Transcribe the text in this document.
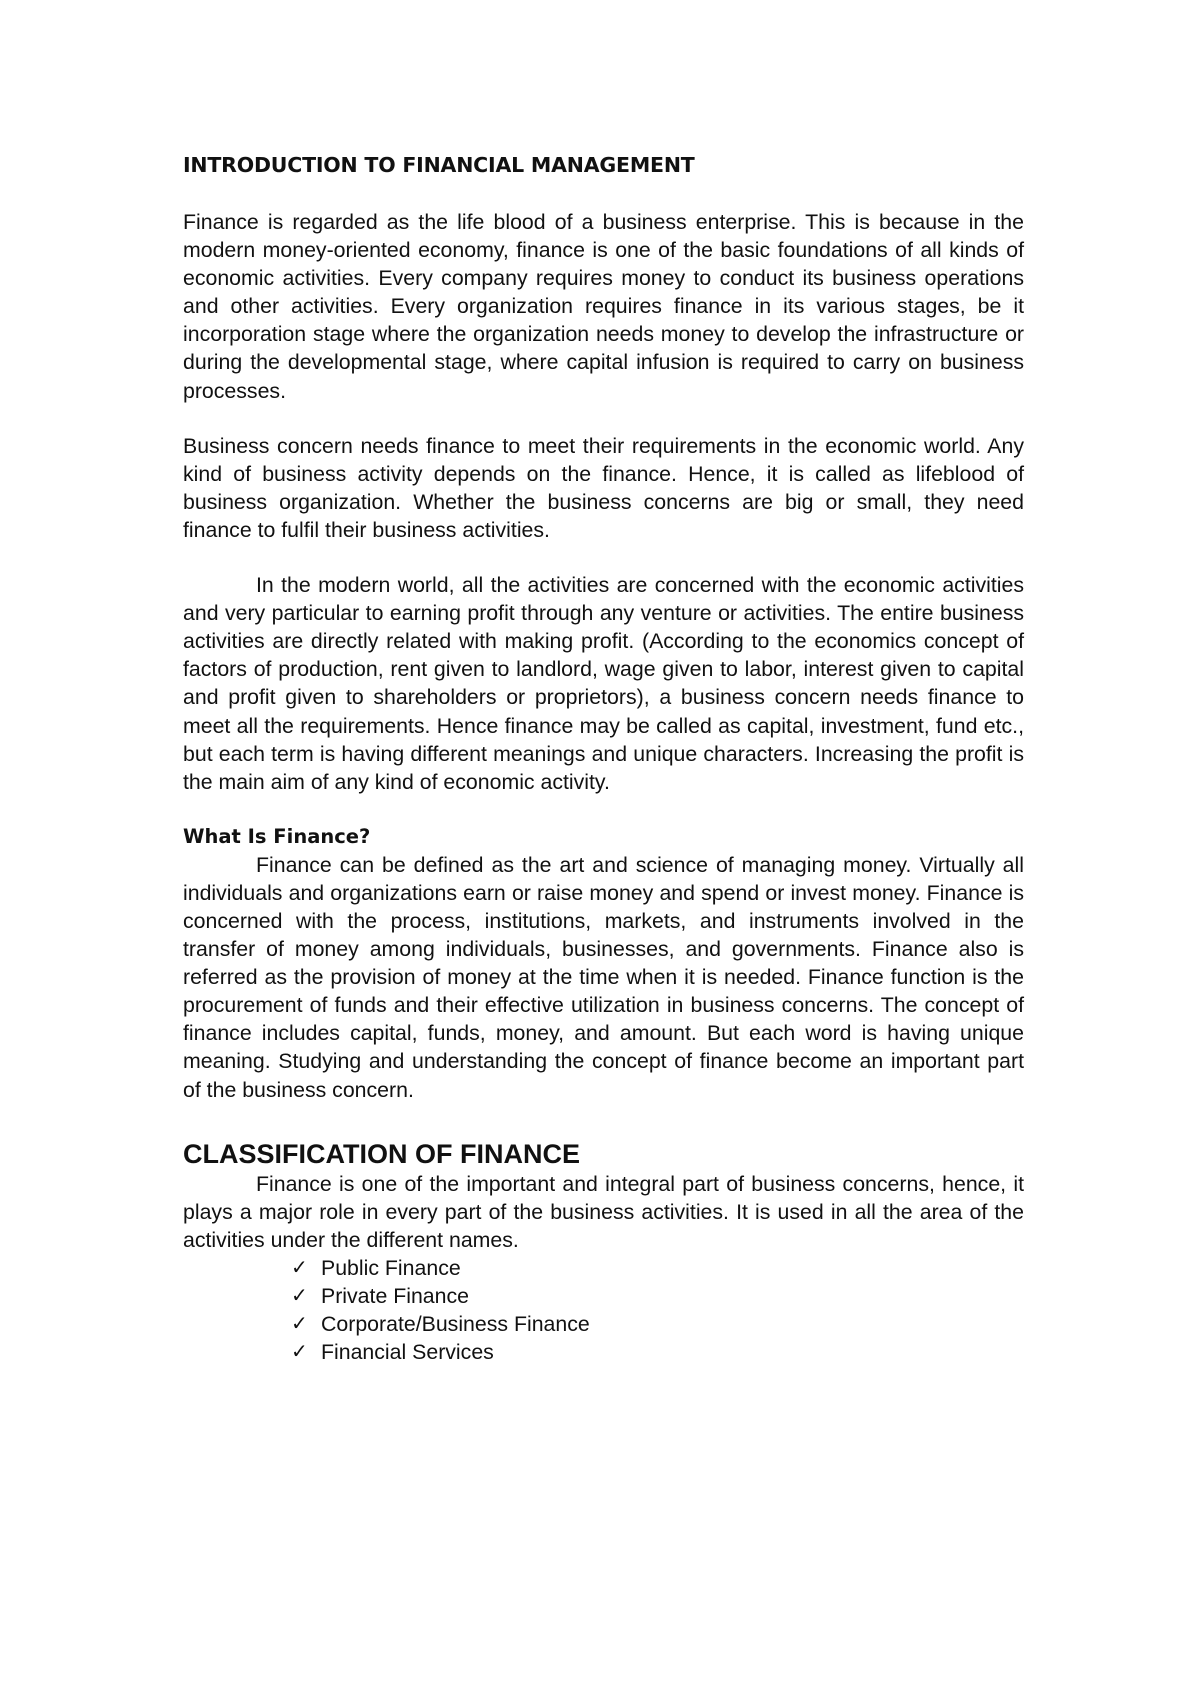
INTRODUCTION TO FINANCIAL MANAGEMENT

Finance is regarded as the life blood of a business enterprise. This is because in the modern money-oriented economy, finance is one of the basic foundations of all kinds of economic activities. Every company requires money to conduct its business operations and other activities. Every organization requires finance in its various stages, be it incorporation stage where the organization needs money to develop the infrastructure or during the developmental stage, where capital infusion is required to carry on business processes.

Business concern needs finance to meet their requirements in the economic world. Any kind of business activity depends on the finance. Hence, it is called as lifeblood of business organization. Whether the business concerns are big or small, they need finance to fulfil their business activities.

In the modern world, all the activities are concerned with the economic activities and very particular to earning profit through any venture or activities. The entire business activities are directly related with making profit. (According to the economics concept of factors of production, rent given to landlord, wage given to labor, interest given to capital and profit given to shareholders or proprietors), a business concern needs finance to meet all the requirements. Hence finance may be called as capital, investment, fund etc., but each term is having different meanings and unique characters. Increasing the profit is the main aim of any kind of economic activity.

What Is Finance?

Finance can be defined as the art and science of managing money. Virtually all individuals and organizations earn or raise money and spend or invest money. Finance is concerned with the process, institutions, markets, and instruments involved in the transfer of money among individuals, businesses, and governments. Finance also is referred as the provision of money at the time when it is needed. Finance function is the procurement of funds and their effective utilization in business concerns. The concept of finance includes capital, funds, money, and amount. But each word is having unique meaning. Studying and understanding the concept of finance become an important part of the business concern.

CLASSIFICATION OF FINANCE

Finance is one of the important and integral part of business concerns, hence, it plays a major role in every part of the business activities. It is used in all the area of the activities under the different names.

✓ Public Finance
✓ Private Finance
✓ Corporate/Business Finance
✓ Financial Services
